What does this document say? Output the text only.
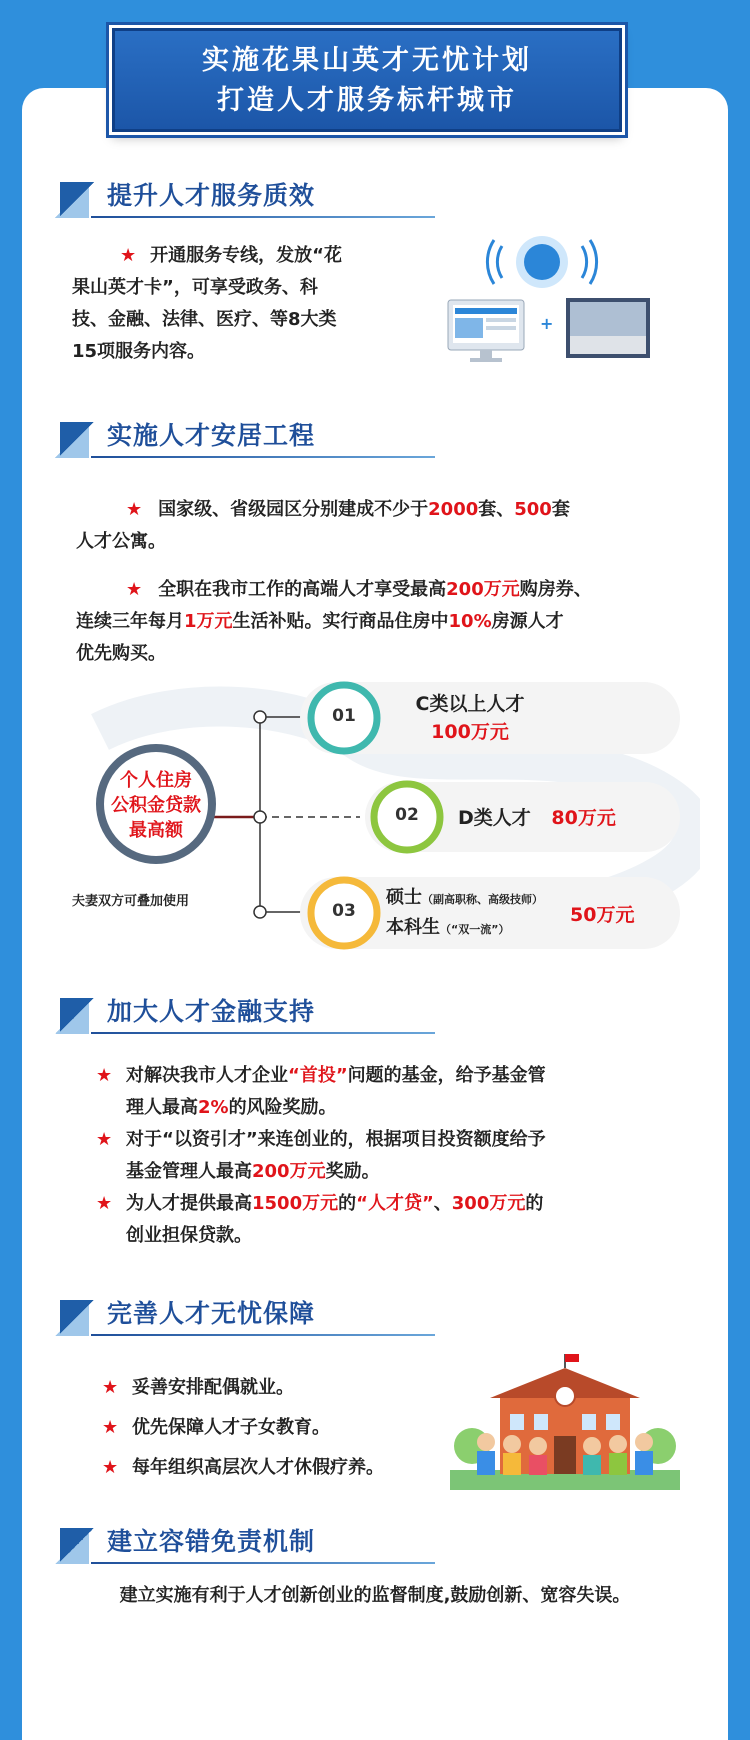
实施花果山英才无忧计划
打造人才服务标杆城市
提升人才服务质效
★ 开通服务专线，发放“花
果山英才卡”，可享受政务、科
技、金融、法律、医疗、等8大类
15项服务内容。
+
实施人才安居工程
★ 国家级、省级园区分别建成不少于2000套、500套
人才公寓。
★ 全职在我市工作的高端人才享受最高200万元购房券、
连续三年每月1万元生活补贴。实行商品住房中10%房源人才
优先购买。
个人住房
公积金贷款
最高额
夫妻双方可叠加使用
01
C类以上人才
100万元
02	D类人才 80万元
03
硕士（副高职称、高级技师）
本科生（“双一流”）
50万元
加大人才金融支持
★ 对解决我市人才企业“首投”问题的基金，给予基金管
理人最高2%的风险奖励。
★ 对于“以资引才”来连创业的，根据项目投资额度给予
基金管理人最高200万元奖励。
★ 为人才提供最高1500万元的“人才贷”、300万元的
创业担保贷款。
完善人才无忧保障
★ 妥善安排配偶就业。
★ 优先保障人才子女教育。
★ 每年组织高层次人才休假疗养。
建立容错免责机制
建立实施有利于人才创新创业的监督制度,鼓励创新、宽容失误。
